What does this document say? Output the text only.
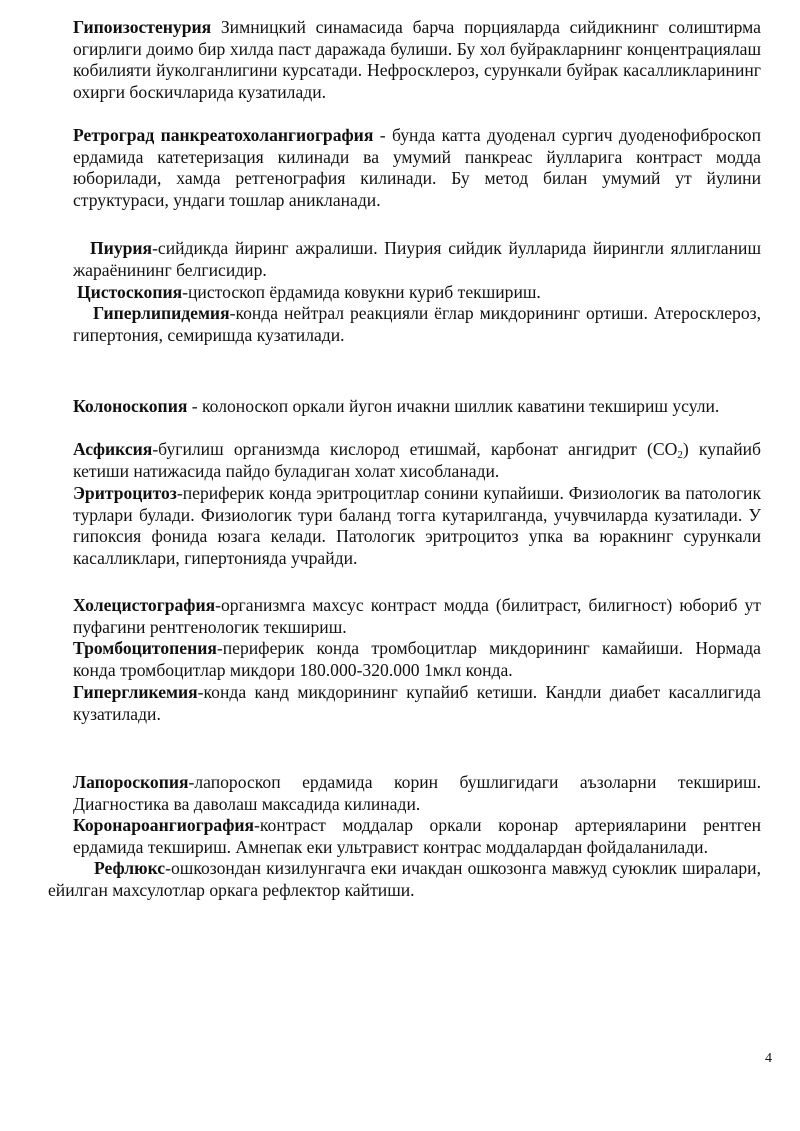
Гипоизостенурия Зимницкий синамасида барча порцияларда сийдикнинг солиштирма огирлиги доимо бир хилда паст даражада булиши. Бу хол буйракларнинг концентрациялаш кобилияти йуколганлигини курсатади. Нефросклероз, сурункали буйрак касалликларининг охирги боскичларида кузатилади.

Ретроград панкреатохолангиография - бунда катта дуоденал сургич дуоденофиброскоп ердамида катетеризация килинади ва умумий панкреас йулларига контраст модда юборилади, хамда ретгенография килинади. Бу метод билан умумий ут йулини структураси, ундаги тошлар аникланади.

Пиурия-сийдикда йиринг ажралиши. Пиурия сийдик йулларида йирингли яллигланиш жараёнининг белгисидир.

Цистоскопия-цистоскоп ёрдамида ковукни куриб текшириш.

Гиперлипидемия-конда нейтрал реакцияли ёглар микдорининг ортиши. Атеросклероз, гипертония, семиришда кузатилади.

Колоноскопия - колоноскоп оркали йугон ичакни шиллик каватини текшириш усули.

Асфиксия-бугилиш организмда кислород етишмай, карбонат ангидрит $(CO_2)$ купайиб кетиши натижасида пайдо буладиган холат хисобланади.

Эритроцитоз-периферик конда эритроцитлар сонини купайиши. Физиологик ва патологик турлари булади. Физиологик тури баланд тогга кутарилганда, учувчиларда кузатилади. У гипоксия фонида юзага келади. Патологик эритроцитоз упка ва юракнинг сурункали касалликлари, гипертонияда учрайди.

Холецистография-организмга махсус контраст модда (билитраст, билигност) юбориб ут пуфагини рентгенологик текшириш.

Тромбоцитопения-периферик конда тромбоцитлар микдорининг камайиши. Нормада конда тромбоцитлар микдори 180.000-320.000 1мкл конда.

Гипергликемия-конда канд микдорининг купайиб кетиши. Кандли диабет касаллигида кузатилади.

Лапороскопия-лапороскоп ердамида корин бушлигидаги аъзоларни текшириш. Диагностика ва даволаш максадида килинади.

Коронароангиография-контраст моддалар оркали коронар артерияларини рентген ердамида текшириш. Амнепак еки ультравист контрас моддалардан фойдаланилади.

Рефлюкс-ошкозондан кизилунгачга еки ичакдан ошкозонга мавжуд суюклик ширалари, ейилган махсулотлар оркага рефлектор кайтиши.

4
